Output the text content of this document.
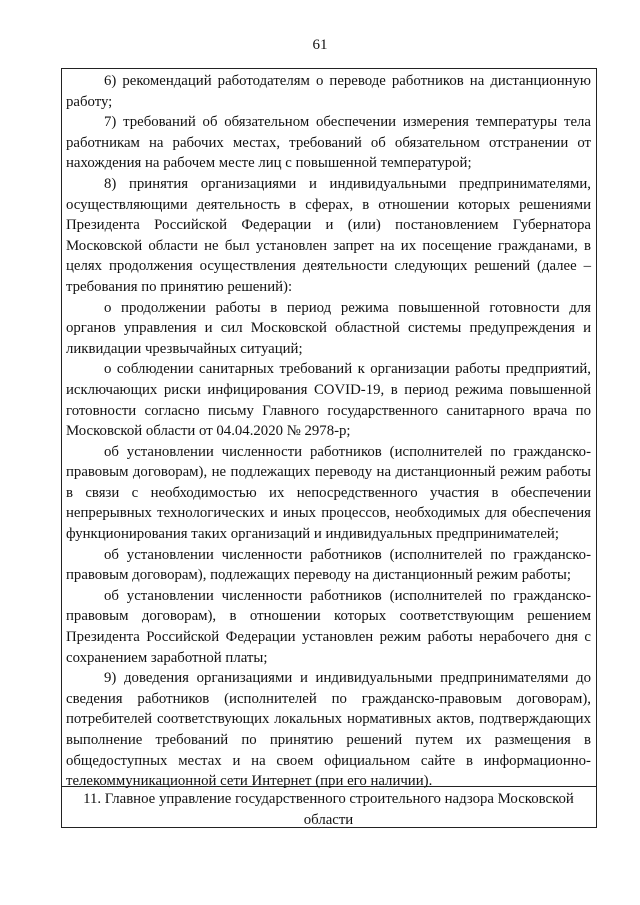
61

6) рекомендаций работодателям о переводе работников на дистанционную работу;

7) требований об обязательном обеспечении измерения температуры тела работникам на рабочих местах, требований об обязательном отстранении от нахождения на рабочем месте лиц с повышенной температурой;

8) принятия организациями и индивидуальными предпринимателями, осуществляющими деятельность в сферах, в отношении которых решениями Президента Российской Федерации и (или) постановлением Губернатора Московской области не был установлен запрет на их посещение гражданами, в целях продолжения осуществления деятельности следующих решений (далее – требования по принятию решений):

о продолжении работы в период режима повышенной готовности для органов управления и сил Московской областной системы предупреждения и ликвидации чрезвычайных ситуаций;

о соблюдении санитарных требований к организации работы предприятий, исключающих риски инфицирования COVID-19, в период режима повышенной готовности согласно письму Главного государственного санитарного врача по Московской области от 04.04.2020 № 2978-р;

об установлении численности работников (исполнителей по гражданско-правовым договорам), не подлежащих переводу на дистанционный режим работы в связи с необходимостью их непосредственного участия в обеспечении непрерывных технологических и иных процессов, необходимых для обеспечения функционирования таких организаций и индивидуальных предпринимателей;

об установлении численности работников (исполнителей по гражданско-правовым договорам), подлежащих переводу на дистанционный режим работы;

об установлении численности работников (исполнителей по гражданско-правовым договорам), в отношении которых соответствующим решением Президента Российской Федерации установлен режим работы нерабочего дня с сохранением заработной платы;

9) доведения организациями и индивидуальными предпринимателями до сведения работников (исполнителей по гражданско-правовым договорам), потребителей соответствующих локальных нормативных актов, подтверждающих выполнение требований по принятию решений путем их размещения в общедоступных местах и на своем официальном сайте в информационно-телекоммуникационной сети Интернет (при его наличии).

11. Главное управление государственного строительного надзора Московской области
